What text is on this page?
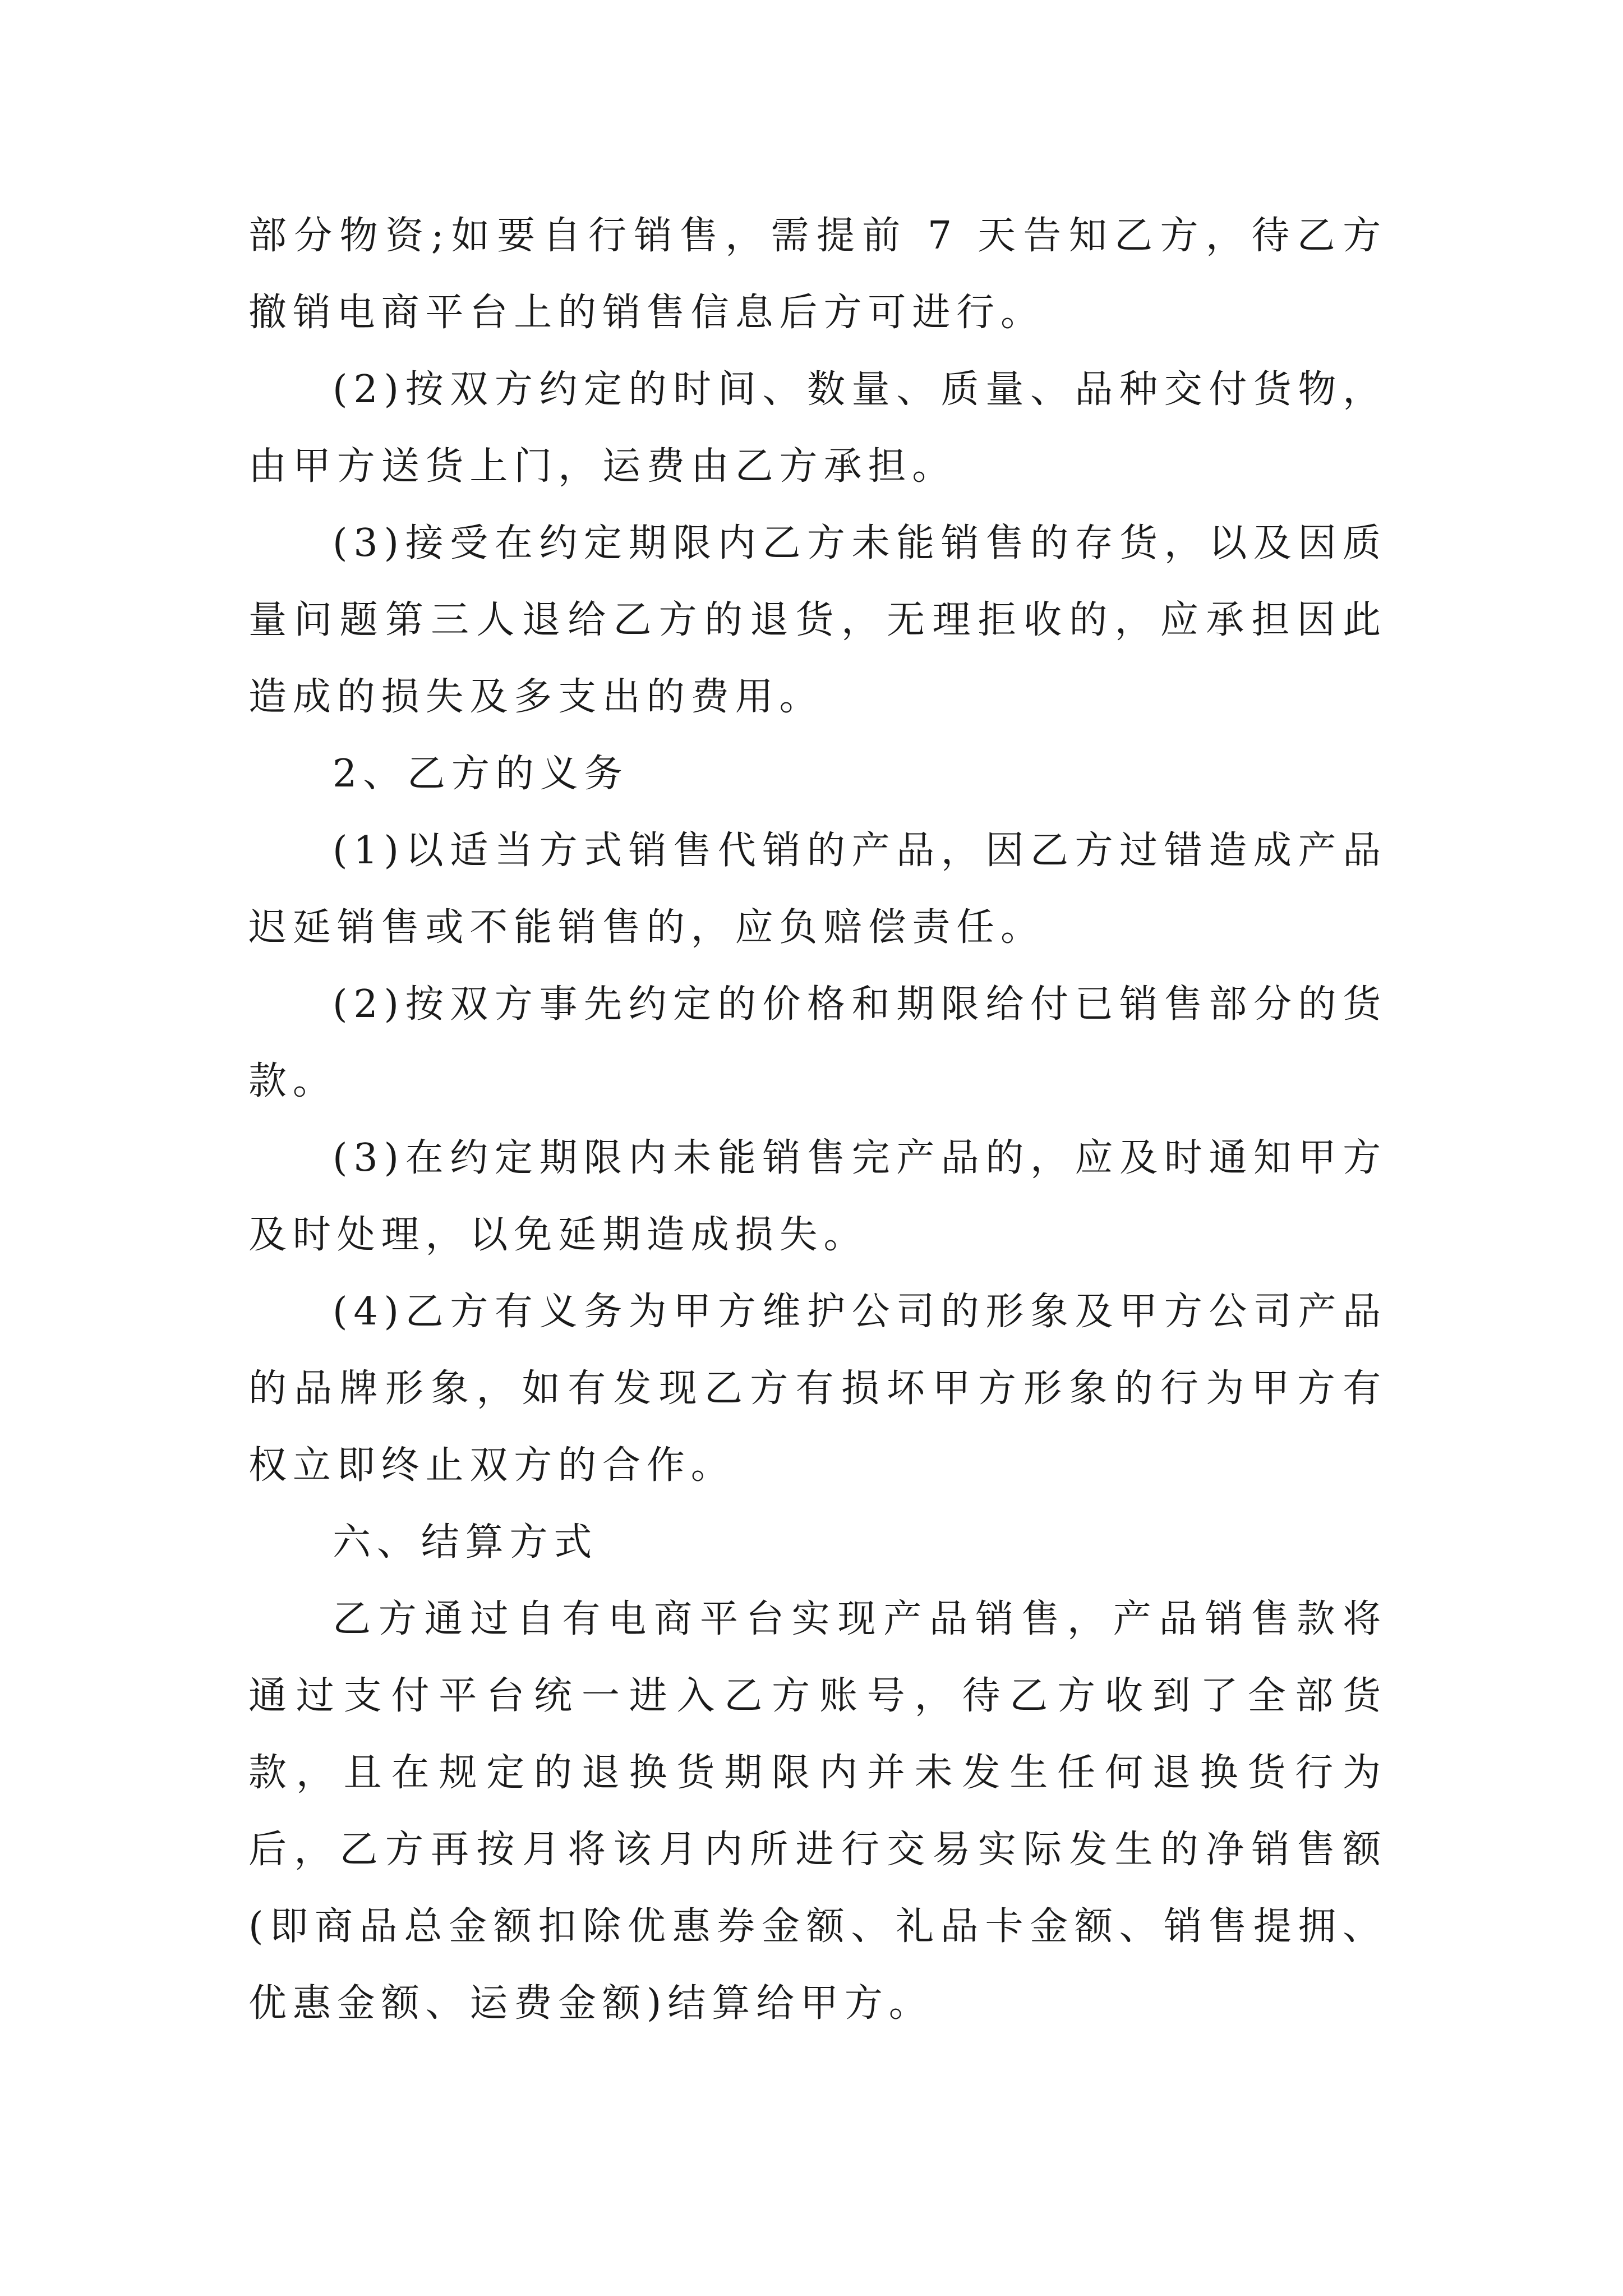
部分物资;如要自行销售，需提前 7 天告知乙方，待乙方撤销电商平台上的销售信息后方可进行。

(2)按双方约定的时间、数量、质量、品种交付货物，由甲方送货上门，运费由乙方承担。

(3)接受在约定期限内乙方未能销售的存货，以及因质量问题第三人退给乙方的退货，无理拒收的，应承担因此造成的损失及多支出的费用。

2、乙方的义务

(1)以适当方式销售代销的产品，因乙方过错造成产品迟延销售或不能销售的，应负赔偿责任。

(2)按双方事先约定的价格和期限给付已销售部分的货款。

(3)在约定期限内未能销售完产品的，应及时通知甲方及时处理，以免延期造成损失。

(4)乙方有义务为甲方维护公司的形象及甲方公司产品的品牌形象，如有发现乙方有损坏甲方形象的行为甲方有权立即终止双方的合作。

六、结算方式

乙方通过自有电商平台实现产品销售，产品销售款将通过支付平台统一进入乙方账号，待乙方收到了全部货款，且在规定的退换货期限内并未发生任何退换货行为后，乙方再按月将该月内所进行交易实际发生的净销售额(即商品总金额扣除优惠券金额、礼品卡金额、销售提拥、优惠金额、运费金额)结算给甲方。
